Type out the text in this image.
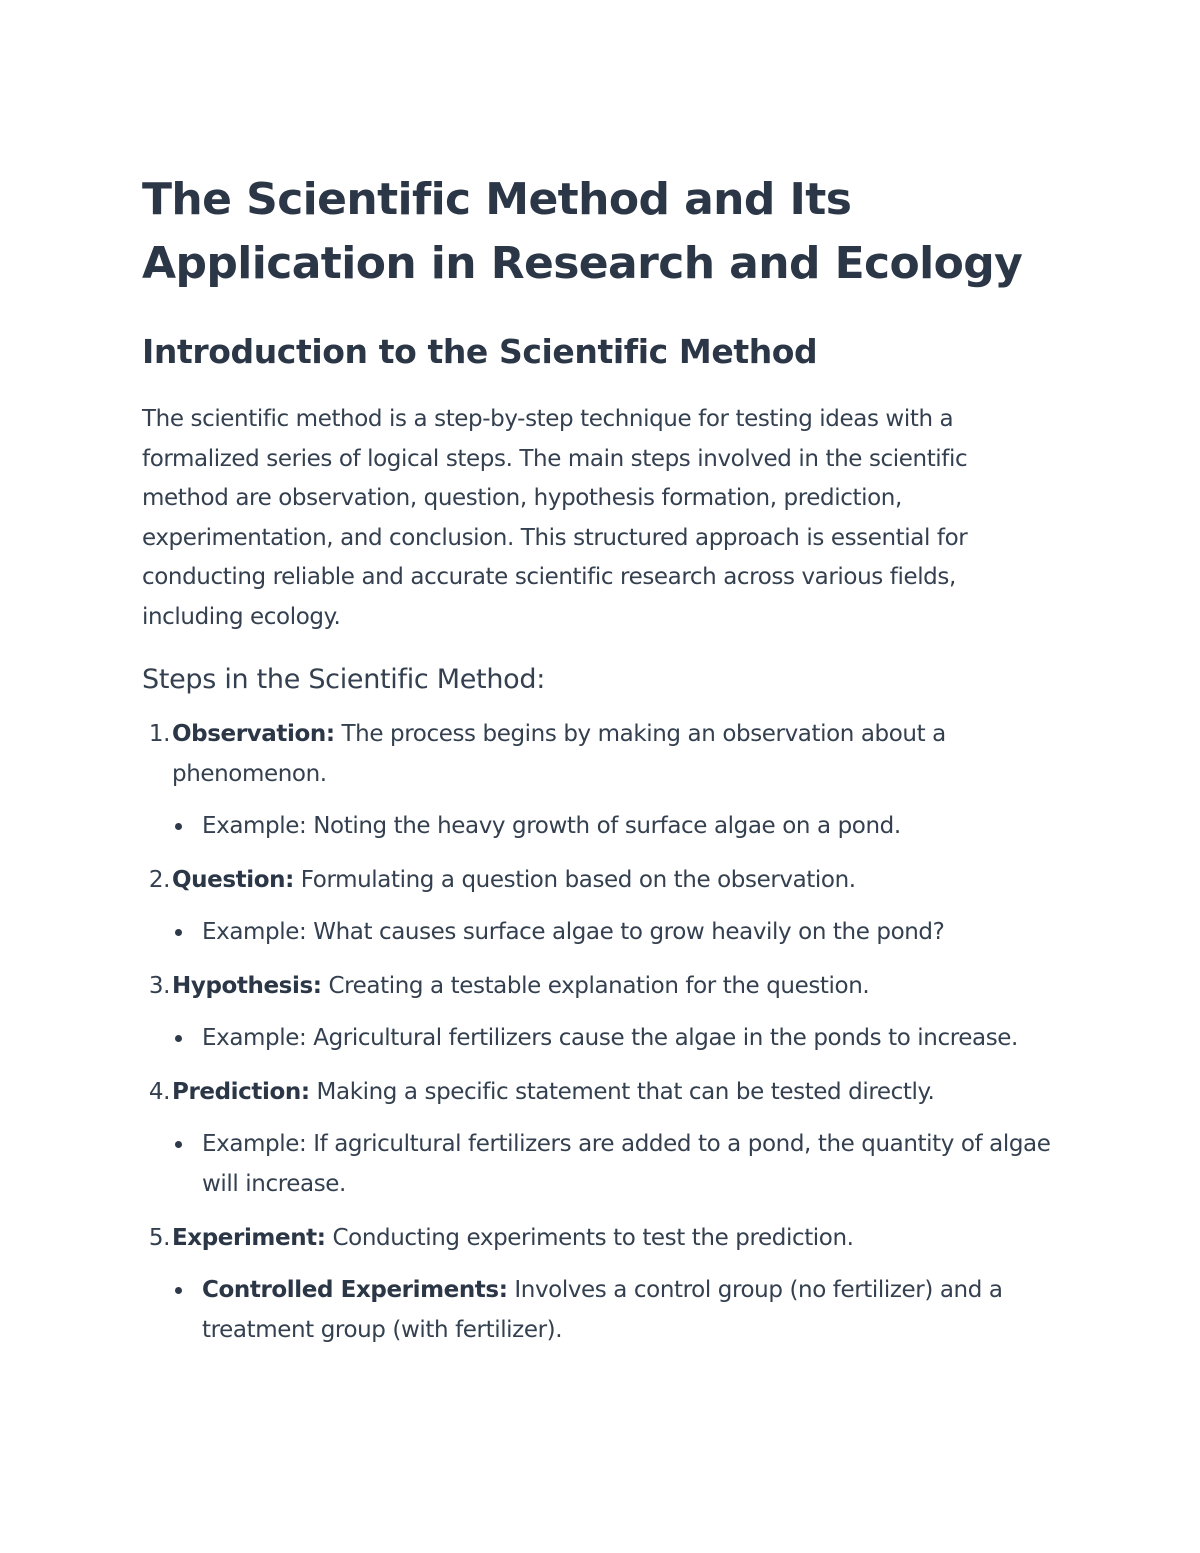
The Scientific Method and Its Application in Research and Ecology
Introduction to the Scientific Method

The scientific method is a step-by-step technique for testing ideas with a formalized series of logical steps. The main steps involved in the scientific method are observation, question, hypothesis formation, prediction, experimentation, and conclusion. This structured approach is essential for conducting reliable and accurate scientific research across various fields, including ecology.

Steps in the Scientific Method:
1. Observation: The process begins by making an observation about a phenomenon.
Example: Noting the heavy growth of surface algae on a pond.
2. Question: Formulating a question based on the observation.
Example: What causes surface algae to grow heavily on the pond?
3. Hypothesis: Creating a testable explanation for the question.
Example: Agricultural fertilizers cause the algae in the ponds to increase.
4. Prediction: Making a specific statement that can be tested directly.
Example: If agricultural fertilizers are added to a pond, the quantity of algae will increase.
5. Experiment: Conducting experiments to test the prediction.
Controlled Experiments: Involves a control group (no fertilizer) and a treatment group (with fertilizer).
